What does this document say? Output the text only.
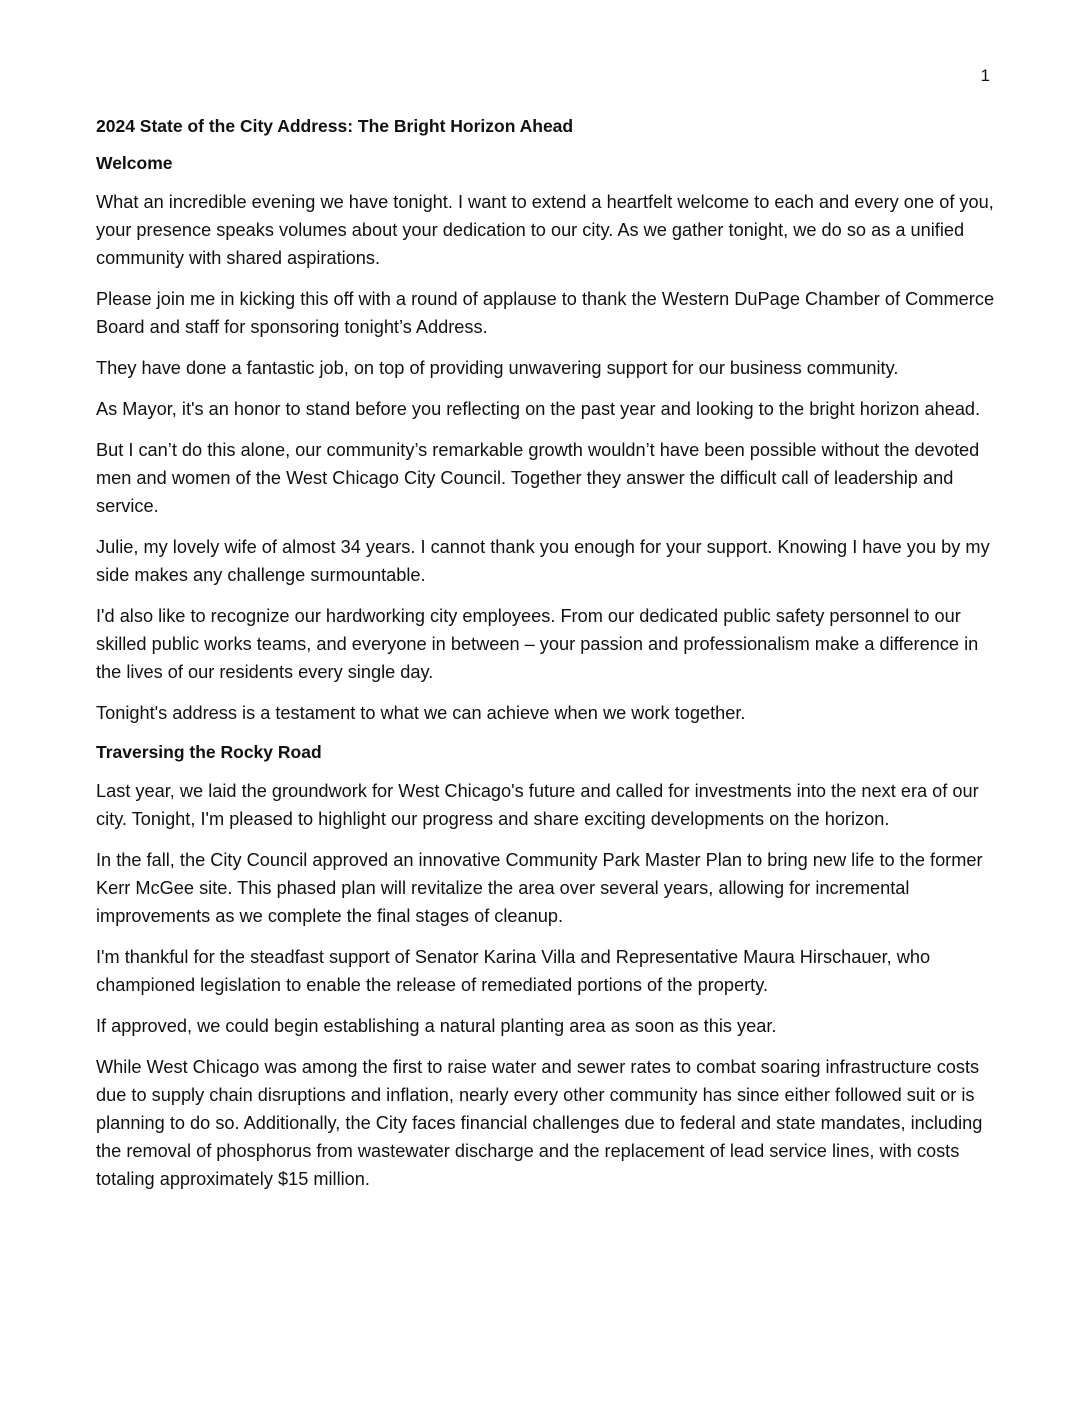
1
2024 State of the City Address: The Bright Horizon Ahead
Welcome

What an incredible evening we have tonight. I want to extend a heartfelt welcome to each and every one of you, your presence speaks volumes about your dedication to our city. As we gather tonight, we do so as a unified community with shared aspirations.

Please join me in kicking this off with a round of applause to thank the Western DuPage Chamber of Commerce Board and staff for sponsoring tonight’s Address.

They have done a fantastic job, on top of providing unwavering support for our business community.

As Mayor, it's an honor to stand before you reflecting on the past year and looking to the bright horizon ahead.

But I can’t do this alone, our community’s remarkable growth wouldn’t have been possible without the devoted men and women of the West Chicago City Council. Together they answer the difficult call of leadership and service.

Julie, my lovely wife of almost 34 years. I cannot thank you enough for your support. Knowing I have you by my side makes any challenge surmountable.

I'd also like to recognize our hardworking city employees. From our dedicated public safety personnel to our skilled public works teams, and everyone in between – your passion and professionalism make a difference in the lives of our residents every single day.

Tonight's address is a testament to what we can achieve when we work together.

Traversing the Rocky Road

Last year, we laid the groundwork for West Chicago's future and called for investments into the next era of our city. Tonight, I'm pleased to highlight our progress and share exciting developments on the horizon.

In the fall, the City Council approved an innovative Community Park Master Plan to bring new life to the former Kerr McGee site. This phased plan will revitalize the area over several years, allowing for incremental improvements as we complete the final stages of cleanup.

I'm thankful for the steadfast support of Senator Karina Villa and Representative Maura Hirschauer, who championed legislation to enable the release of remediated portions of the property.

If approved, we could begin establishing a natural planting area as soon as this year.

While West Chicago was among the first to raise water and sewer rates to combat soaring infrastructure costs due to supply chain disruptions and inflation, nearly every other community has since either followed suit or is planning to do so. Additionally, the City faces financial challenges due to federal and state mandates, including the removal of phosphorus from wastewater discharge and the replacement of lead service lines, with costs totaling approximately $15 million.
